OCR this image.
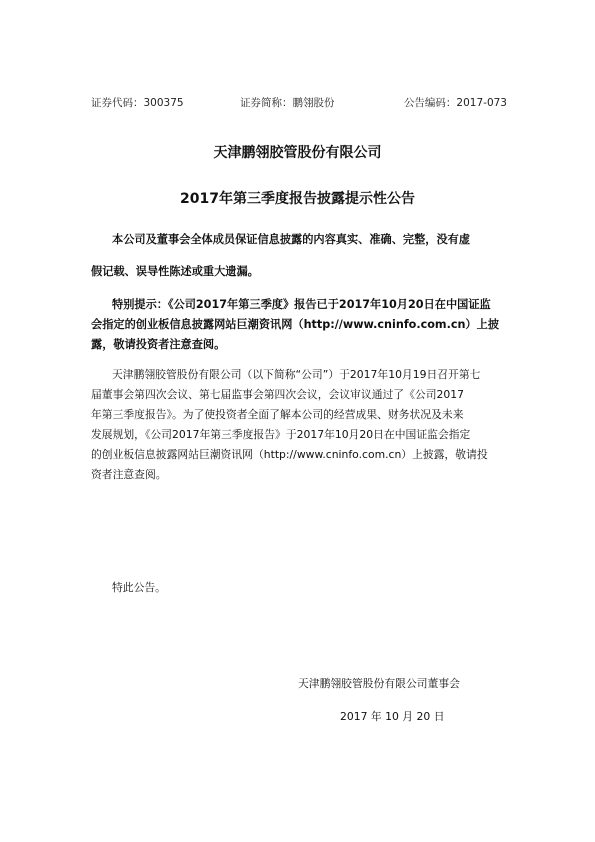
证券代码：300375	证券简称：鹏翎股份	公告编码：2017-073
天津鹏翎胶管股份有限公司
2017年第三季度报告披露提示性公告
本公司及董事会全体成员保证信息披露的内容真实、准确、完整，没有虚
假记载、误导性陈述或重大遗漏。
特别提示：《公司2017年第三季度》报告已于2017年10月20日在中国证监
会指定的创业板信息披露网站巨潮资讯网（http://www.cninfo.com.cn）上披
露，敬请投资者注意查阅。
天津鹏翎胶管股份有限公司（以下简称“公司”）于2017年10月19日召开第七
届董事会第四次会议、第七届监事会第四次会议，会议审议通过了《公司2017
年第三季度报告》。为了使投资者全面了解本公司的经营成果、财务状况及未来
发展规划，《公司2017年第三季度报告》于2017年10月20日在中国证监会指定
的创业板信息披露网站巨潮资讯网（http://www.cninfo.com.cn）上披露，敬请投
资者注意查阅。
特此公告。
天津鹏翎胶管股份有限公司董事会
2017 年 10 月 20 日
